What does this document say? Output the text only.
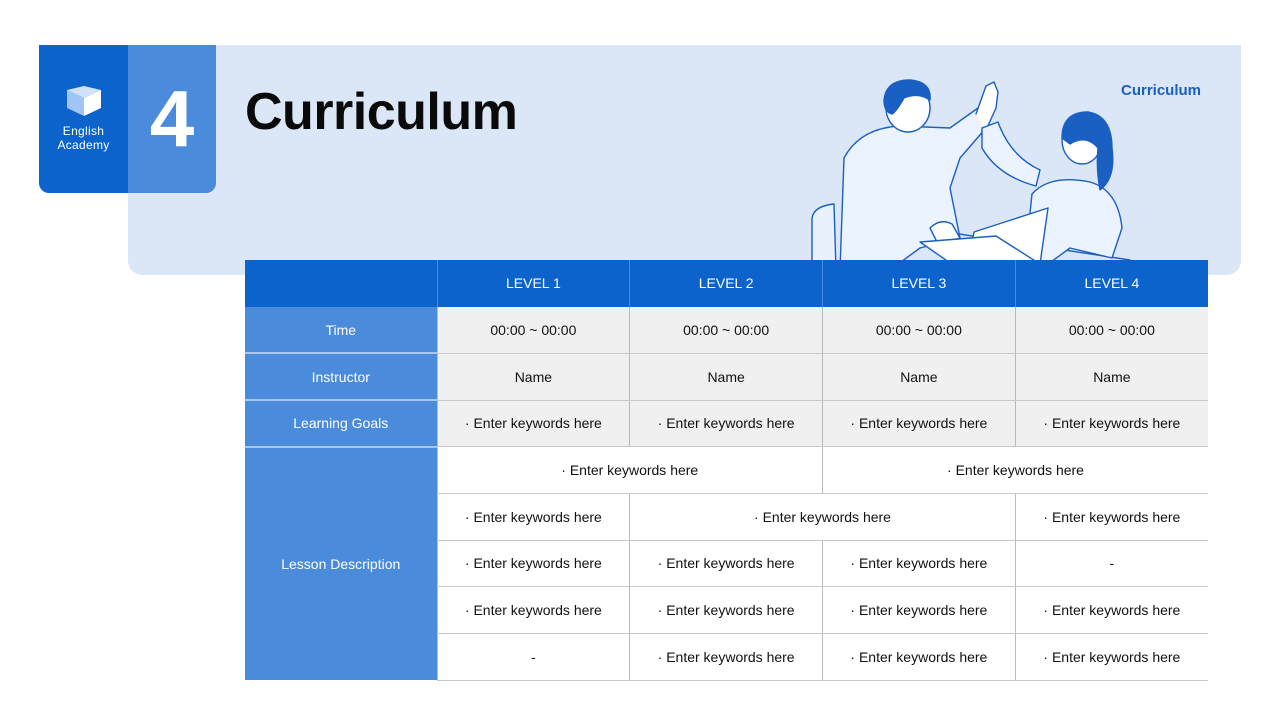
English
Academy 4 Curriculum	Curriculum
	LEVEL 1	LEVEL 2	LEVEL 3	LEVEL 4
Time	00:00 ~ 00:00	00:00 ~ 00:00	00:00 ~ 00:00	00:00 ~ 00:00
Instructor	Name	Name	Name	Name
Learning Goals	· Enter keywords here	· Enter keywords here	· Enter keywords here	· Enter keywords here
Lesson Description	· Enter keywords here		· Enter keywords here	
	· Enter keywords here	· Enter keywords here		· Enter keywords here
	· Enter keywords here	· Enter keywords here	· Enter keywords here	-
	· Enter keywords here	· Enter keywords here	· Enter keywords here	· Enter keywords here
	-	· Enter keywords here	· Enter keywords here	· Enter keywords here
